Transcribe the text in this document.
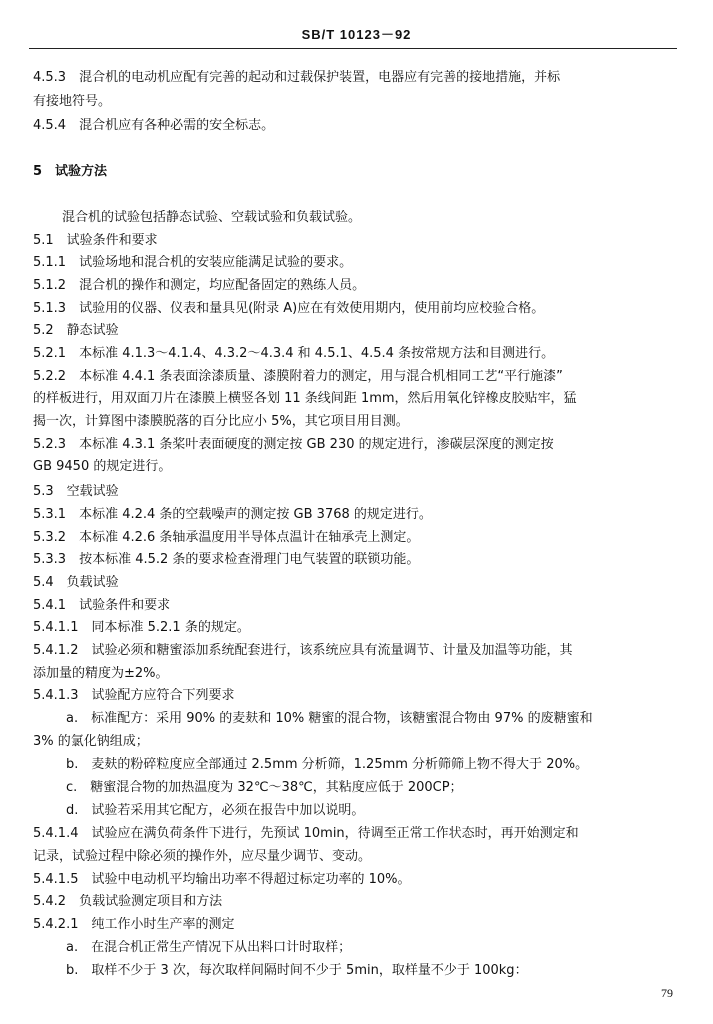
SB/T 10123－92
4.5.3　混合机的电动机应配有完善的起动和过载保护装置，电器应有完善的接地措施，并标
有接地符号。
4.5.4　混合机应有各种必需的安全标志。
5　试验方法
混合机的试验包括静态试验、空载试验和负载试验。
5.1　试验条件和要求
5.1.1　试验场地和混合机的安装应能满足试验的要求。
5.1.2　混合机的操作和测定，均应配备固定的熟练人员。
5.1.3　试验用的仪器、仪表和量具见(附录 A)应在有效使用期内，使用前均应校验合格。
5.2　静态试验
5.2.1　本标准 4.1.3～4.1.4、4.3.2～4.3.4 和 4.5.1、4.5.4 条按常规方法和目测进行。
5.2.2　本标准 4.4.1 条表面涂漆质量、漆膜附着力的测定，用与混合机相同工艺“平行施漆”
的样板进行，用双面刀片在漆膜上横竖各划 11 条线间距 1mm，然后用氧化锌橡皮胶贴牢，猛
揭一次，计算图中漆膜脱落的百分比应小 5%，其它项目用目测。
5.2.3　本标准 4.3.1 条桨叶表面硬度的测定按 GB 230 的规定进行，渗碳层深度的测定按
GB 9450 的规定进行。
5.3　空载试验
5.3.1　本标准 4.2.4 条的空载噪声的测定按 GB 3768 的规定进行。
5.3.2　本标准 4.2.6 条轴承温度用半导体点温计在轴承壳上测定。
5.3.3　按本标准 4.5.2 条的要求检查滑理门电气装置的联锁功能。
5.4　负载试验
5.4.1　试验条件和要求
5.4.1.1　同本标准 5.2.1 条的规定。
5.4.1.2　试验必须和糖蜜添加系统配套进行，该系统应具有流量调节、计量及加温等功能，其
添加量的精度为±2%。
5.4.1.3　试验配方应符合下列要求
a.　标准配方：采用 90% 的麦麸和 10% 糖蜜的混合物，该糖蜜混合物由 97% 的废糖蜜和
3% 的氯化钠组成；
b.　麦麸的粉碎粒度应全部通过 2.5mm 分析筛，1.25mm 分析筛筛上物不得大于 20%。
c.　糖蜜混合物的加热温度为 32℃～38℃，其粘度应低于 200CP；
d.　试验若采用其它配方，必须在报告中加以说明。
5.4.1.4　试验应在满负荷条件下进行，先预试 10min，待调至正常工作状态时，再开始测定和
记录，试验过程中除必须的操作外，应尽量少调节、变动。
5.4.1.5　试验中电动机平均输出功率不得超过标定功率的 10%。
5.4.2　负载试验测定项目和方法
5.4.2.1　纯工作小时生产率的测定
a.　在混合机正常生产情况下从出料口计时取样；
b.　取样不少于 3 次，每次取样间隔时间不少于 5min，取样量不少于 100kg：
79
